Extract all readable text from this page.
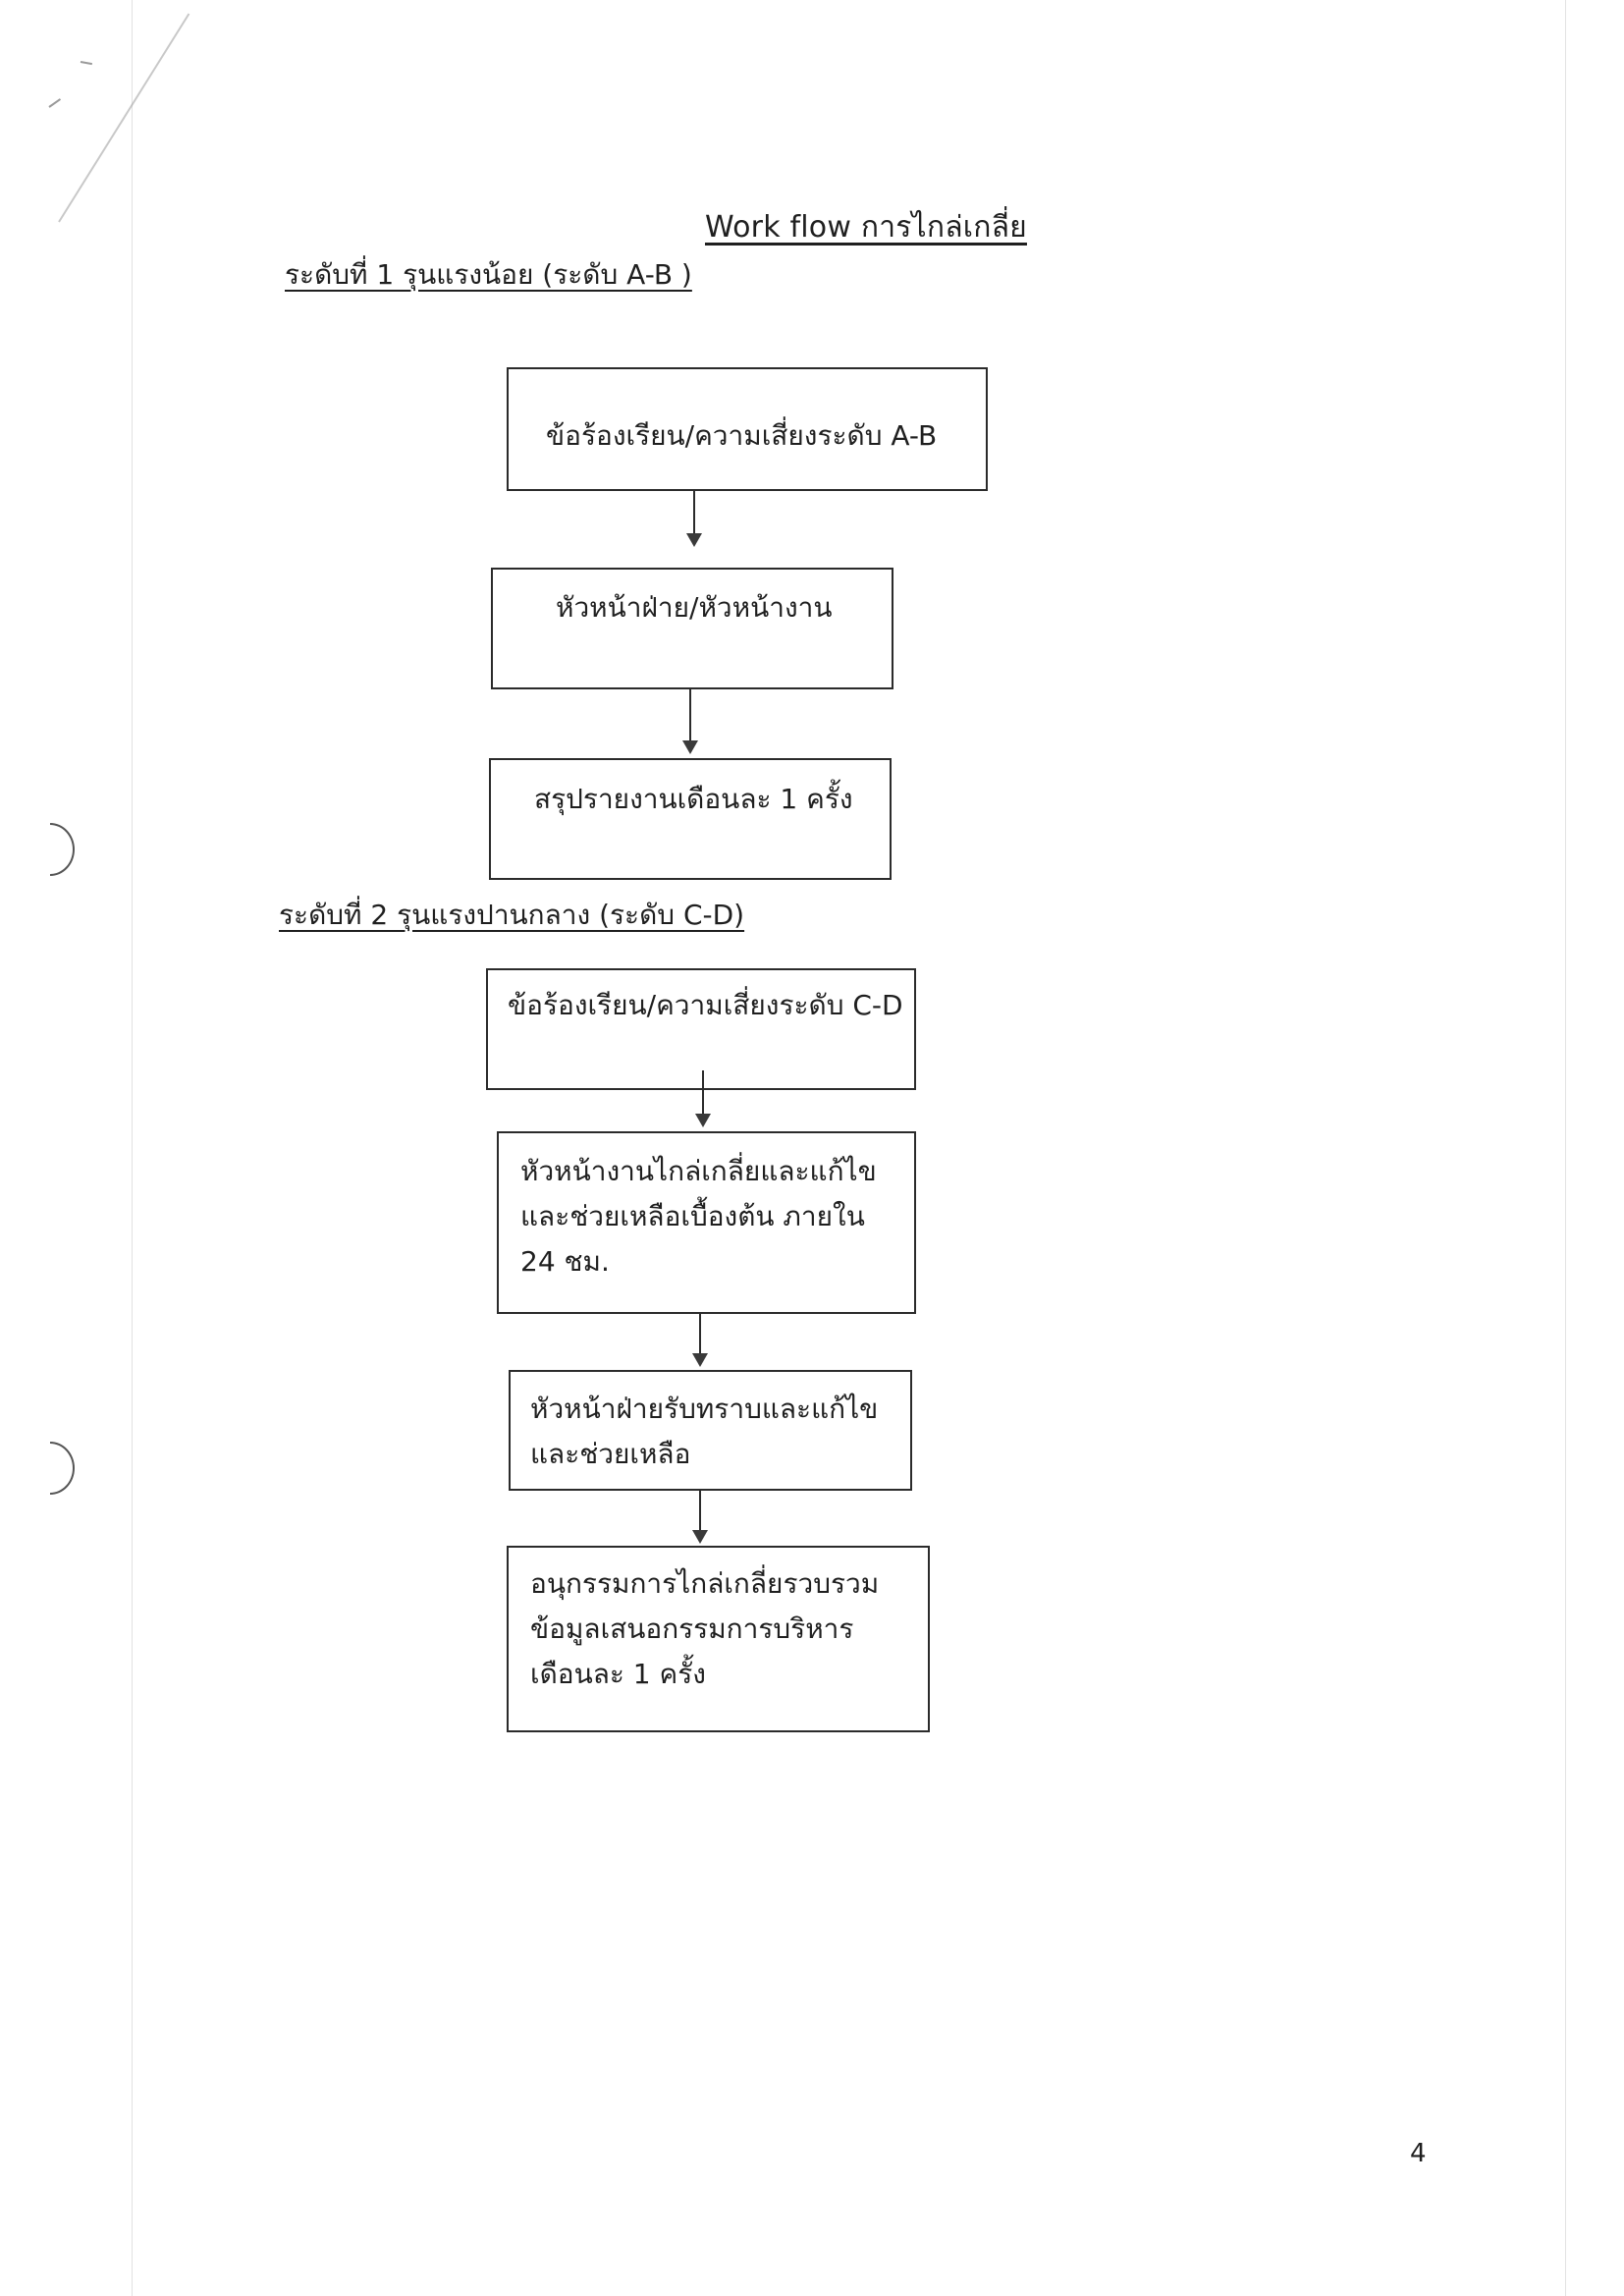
Work flow การไกล่เกลี่ย
ระดับที่ 1 รุนแรงน้อย (ระดับ A-B )
ข้อร้องเรียน/ความเสี่ยงระดับ A-B
หัวหน้าฝ่าย/หัวหน้างาน
สรุปรายงานเดือนละ 1 ครั้ง
ระดับที่ 2 รุนแรงปานกลาง (ระดับ C-D)
ข้อร้องเรียน/ความเสี่ยงระดับ C-D
หัวหน้างานไกล่เกลี่ยและแก้ไข
และช่วยเหลือเบื้องต้น ภายใน
24 ชม.
หัวหน้าฝ่ายรับทราบและแก้ไข
และช่วยเหลือ
อนุกรรมการไกล่เกลี่ยรวบรวม
ข้อมูลเสนอกรรมการบริหาร
เดือนละ 1 ครั้ง
4
